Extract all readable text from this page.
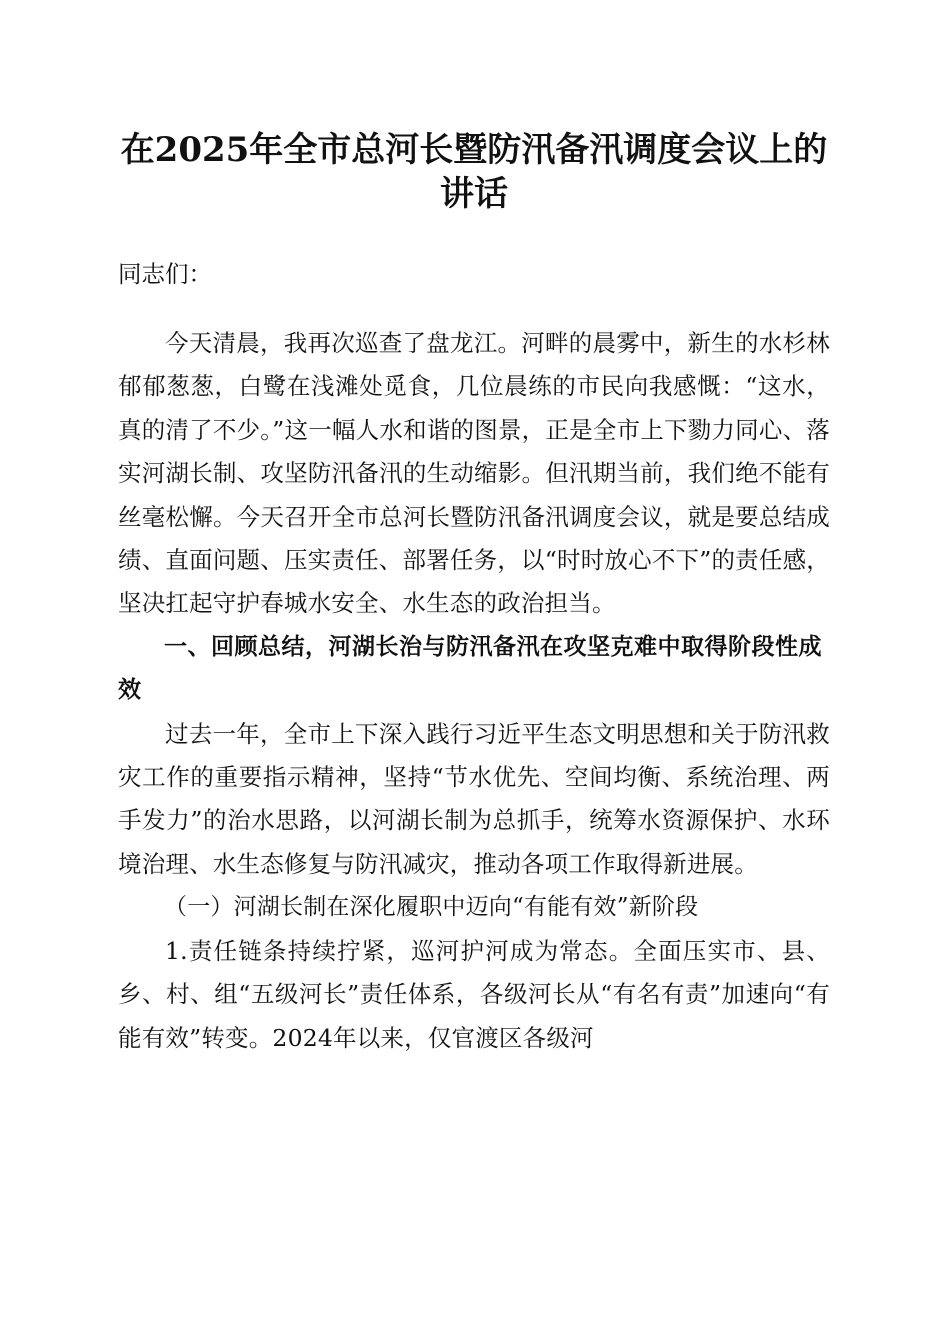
在2025年全市总河长暨防汛备汛调度会议上的讲话

同志们：

今天清晨，我再次巡查了盘龙江。河畔的晨雾中，新生的水杉林郁郁葱葱，白鹭在浅滩处觅食，几位晨练的市民向我感慨：“这水，真的清了不少。”这一幅人水和谐的图景，正是全市上下勠力同心、落实河湖长制、攻坚防汛备汛的生动缩影。但汛期当前，我们绝不能有丝毫松懈。今天召开全市总河长暨防汛备汛调度会议，就是要总结成绩、直面问题、压实责任、部署任务，以“时时放心不下”的责任感，坚决扛起守护春城水安全、水生态的政治担当。

一、回顾总结，河湖长治与防汛备汛在攻坚克难中取得阶段性成效

过去一年，全市上下深入践行习近平生态文明思想和关于防汛救灾工作的重要指示精神，坚持“节水优先、空间均衡、系统治理、两手发力”的治水思路，以河湖长制为总抓手，统筹水资源保护、水环境治理、水生态修复与防汛减灾，推动各项工作取得新进展。

（一）河湖长制在深化履职中迈向“有能有效”新阶段

1.责任链条持续拧紧，巡河护河成为常态。全面压实市、县、乡、村、组“五级河长”责任体系，各级河长从“有名有责”加速向“有能有效”转变。2024年以来，仅官渡区各级河
